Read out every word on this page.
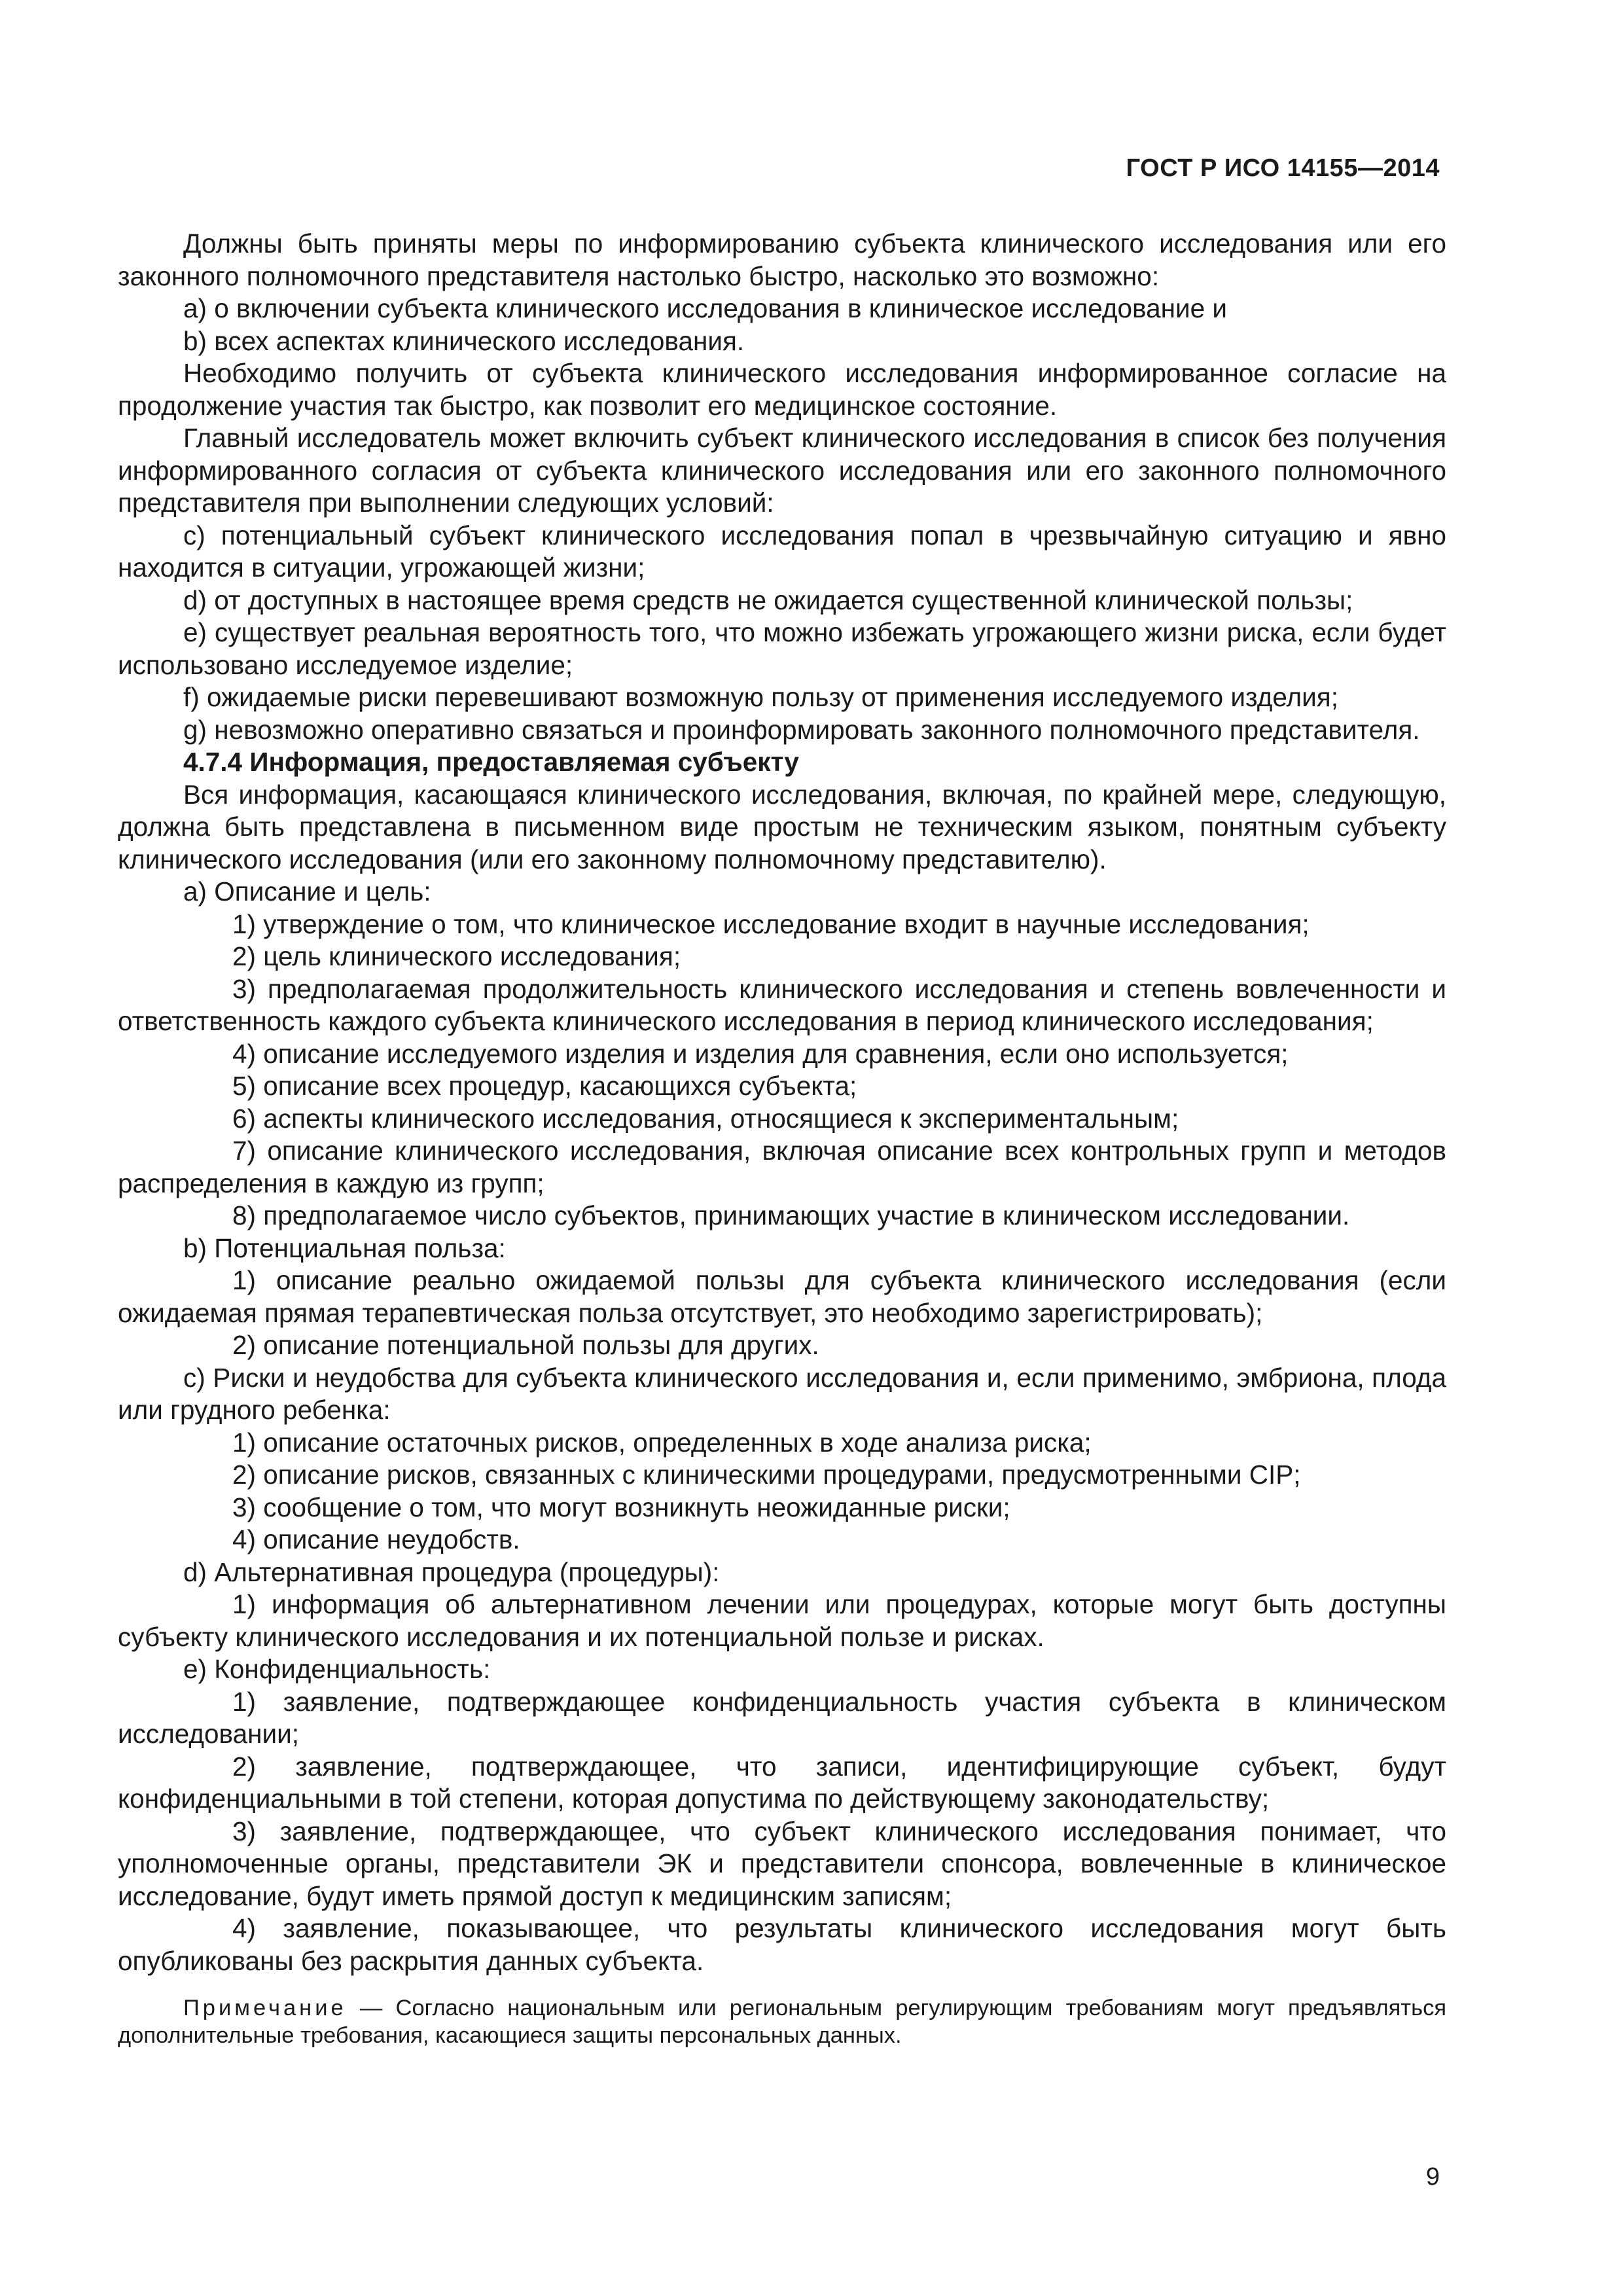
ГОСТ Р ИСО 14155—2014

Должны быть приняты меры по информированию субъекта клинического исследования или его законного полномочного представителя настолько быстро, насколько это возможно:

a) о включении субъекта клинического исследования в клиническое исследование и

b) всех аспектах клинического исследования.

Необходимо получить от субъекта клинического исследования информированное согласие на продолжение участия так быстро, как позволит его медицинское состояние.

Главный исследователь может включить субъект клинического исследования в список без получения информированного согласия от субъекта клинического исследования или его законного полномочного представителя при выполнении следующих условий:

c) потенциальный субъект клинического исследования попал в чрезвычайную ситуацию и явно находится в ситуации, угрожающей жизни;

d) от доступных в настоящее время средств не ожидается существенной клинической пользы;

e) существует реальная вероятность того, что можно избежать угрожающего жизни риска, если будет использовано исследуемое изделие;

f) ожидаемые риски перевешивают возможную пользу от применения исследуемого изделия;

g) невозможно оперативно связаться и проинформировать законного полномочного представителя.

4.7.4 Информация, предоставляемая субъекту

Вся информация, касающаяся клинического исследования, включая, по крайней мере, следующую, должна быть представлена в письменном виде простым не техническим языком, понятным субъекту клинического исследования (или его законному полномочному представителю).

a) Описание и цель:

1) утверждение о том, что клиническое исследование входит в научные исследования;

2) цель клинического исследования;

3) предполагаемая продолжительность клинического исследования и степень вовлеченности и ответственность каждого субъекта клинического исследования в период клинического исследования;

4) описание исследуемого изделия и изделия для сравнения, если оно используется;

5) описание всех процедур, касающихся субъекта;

6) аспекты клинического исследования, относящиеся к экспериментальным;

7) описание клинического исследования, включая описание всех контрольных групп и методов распределения в каждую из групп;

8) предполагаемое число субъектов, принимающих участие в клиническом исследовании.

b) Потенциальная польза:

1) описание реально ожидаемой пользы для субъекта клинического исследования (если ожидаемая прямая терапевтическая польза отсутствует, это необходимо зарегистрировать);

2) описание потенциальной пользы для других.

c) Риски и неудобства для субъекта клинического исследования и, если применимо, эмбриона, плода или грудного ребенка:

1) описание остаточных рисков, определенных в ходе анализа риска;

2) описание рисков, связанных с клиническими процедурами, предусмотренными CIP;

3) сообщение о том, что могут возникнуть неожиданные риски;

4) описание неудобств.

d) Альтернативная процедура (процедуры):

1) информация об альтернативном лечении или процедурах, которые могут быть доступны субъекту клинического исследования и их потенциальной пользе и рисках.

e) Конфиденциальность:

1) заявление, подтверждающее конфиденциальность участия субъекта в клиническом исследовании;

2) заявление, подтверждающее, что записи, идентифицирующие субъект, будут конфиденциальными в той степени, которая допустима по действующему законодательству;

3) заявление, подтверждающее, что субъект клинического исследования понимает, что уполномоченные органы, представители ЭК и представители спонсора, вовлеченные в клиническое исследование, будут иметь прямой доступ к медицинским записям;

4) заявление, показывающее, что результаты клинического исследования могут быть опубликованы без раскрытия данных субъекта.

Примечание — Согласно национальным или региональным регулирующим требованиям могут предъявляться дополнительные требования, касающиеся защиты персональных данных.

9
